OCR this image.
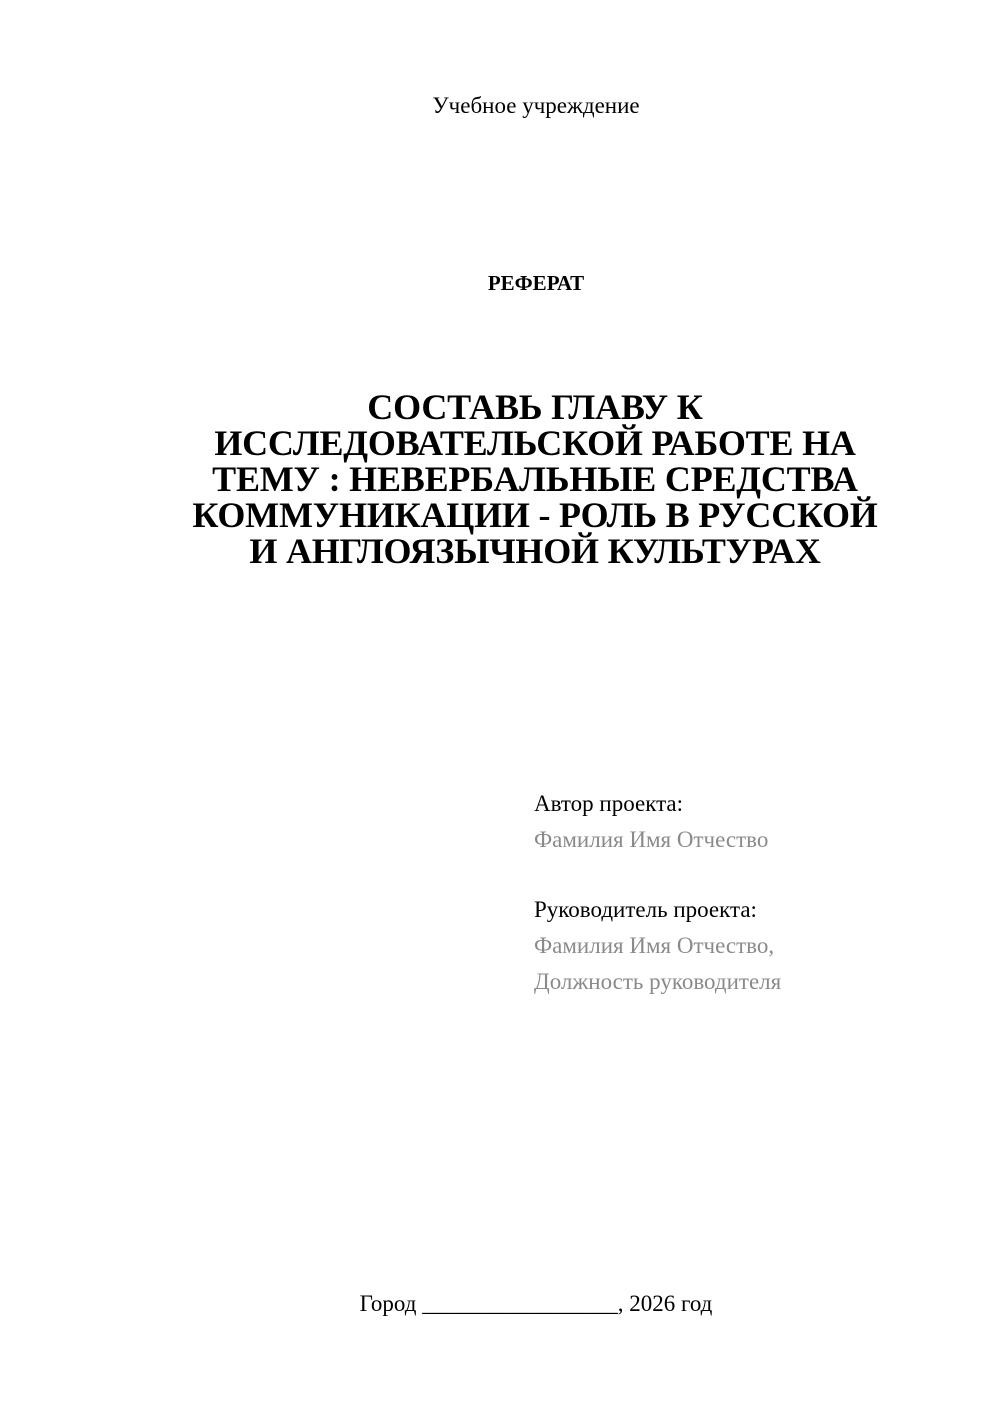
Учебное учреждение
РЕФЕРАТ
СОСТАВЬ ГЛАВУ К
ИССЛЕДОВАТЕЛЬСКОЙ РАБОТЕ НА
ТЕМУ : НЕВЕРБАЛЬНЫЕ СРЕДСТВА
КОММУНИКАЦИИ - РОЛЬ В РУССКОЙ
И АНГЛОЯЗЫЧНОЙ КУЛЬТУРАХ
Автор проекта:
Фамилия Имя Отчество
Руководитель проекта:
Фамилия Имя Отчество,
Должность руководителя
Город _________________, 2026 год
